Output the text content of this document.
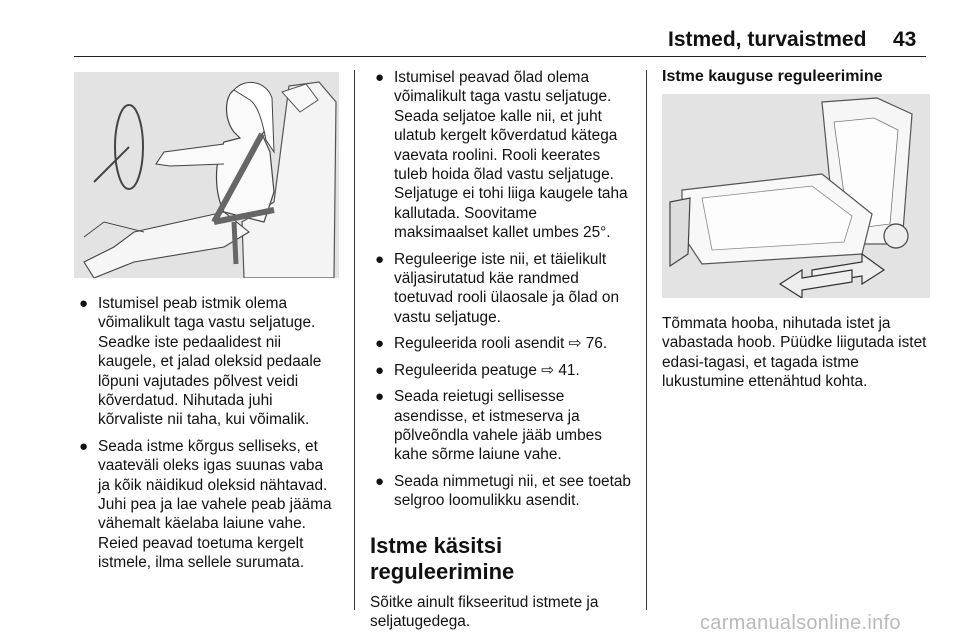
Istmed, turvaistmed 43
● Istumisel peab istmik olema võimalikult taga vastu seljatuge. Seadke iste pedaalidest nii kaugele, et jalad oleksid pedaale lõpuni vajutades põlvest veidi kõverdatud. Nihutada juhi kõrvaliste nii taha, kui võimalik.
● Seada istme kõrgus selliseks, et vaateväli oleks igas suunas vaba ja kõik näidikud oleksid nähtavad. Juhi pea ja lae vahele peab jääma vähemalt käelaba laiune vahe. Reied peavad toetuma kergelt istmele, ilma sellele surumata.
● Istumisel peavad õlad olema võimalikult taga vastu seljatuge. Seada seljatoe kalle nii, et juht ulatub kergelt kõverdatud kätega vaevata roolini. Rooli keerates tuleb hoida õlad vastu seljatuge. Seljatuge ei tohi liiga kaugele taha kallutada. Soovitame maksimaalset kallet umbes 25°.
● Reguleerige iste nii, et täielikult väljasirutatud käe randmed toetuvad rooli ülaosale ja õlad on vastu seljatuge.
● Reguleerida rooli asendit ⇨ 76.
● Reguleerida peatuge ⇨ 41.
● Seada reietugi sellisesse asendisse, et istmeserva ja põlveõndla vahele jääb umbes kahe sõrme laiune vahe.
● Seada nimmetugi nii, et see toetab selgroo loomulikku asendit.
Istme käsitsi reguleerimine

Sõitke ainult fikseeritud istmete ja seljatugedega.

Istme kauguse reguleerimine

Tõmmata hooba, nihutada istet ja vabastada hoob. Püüdke liigutada istet edasi-tagasi, et tagada istme lukustumine ettenähtud kohta.

carmanualsonline.info
